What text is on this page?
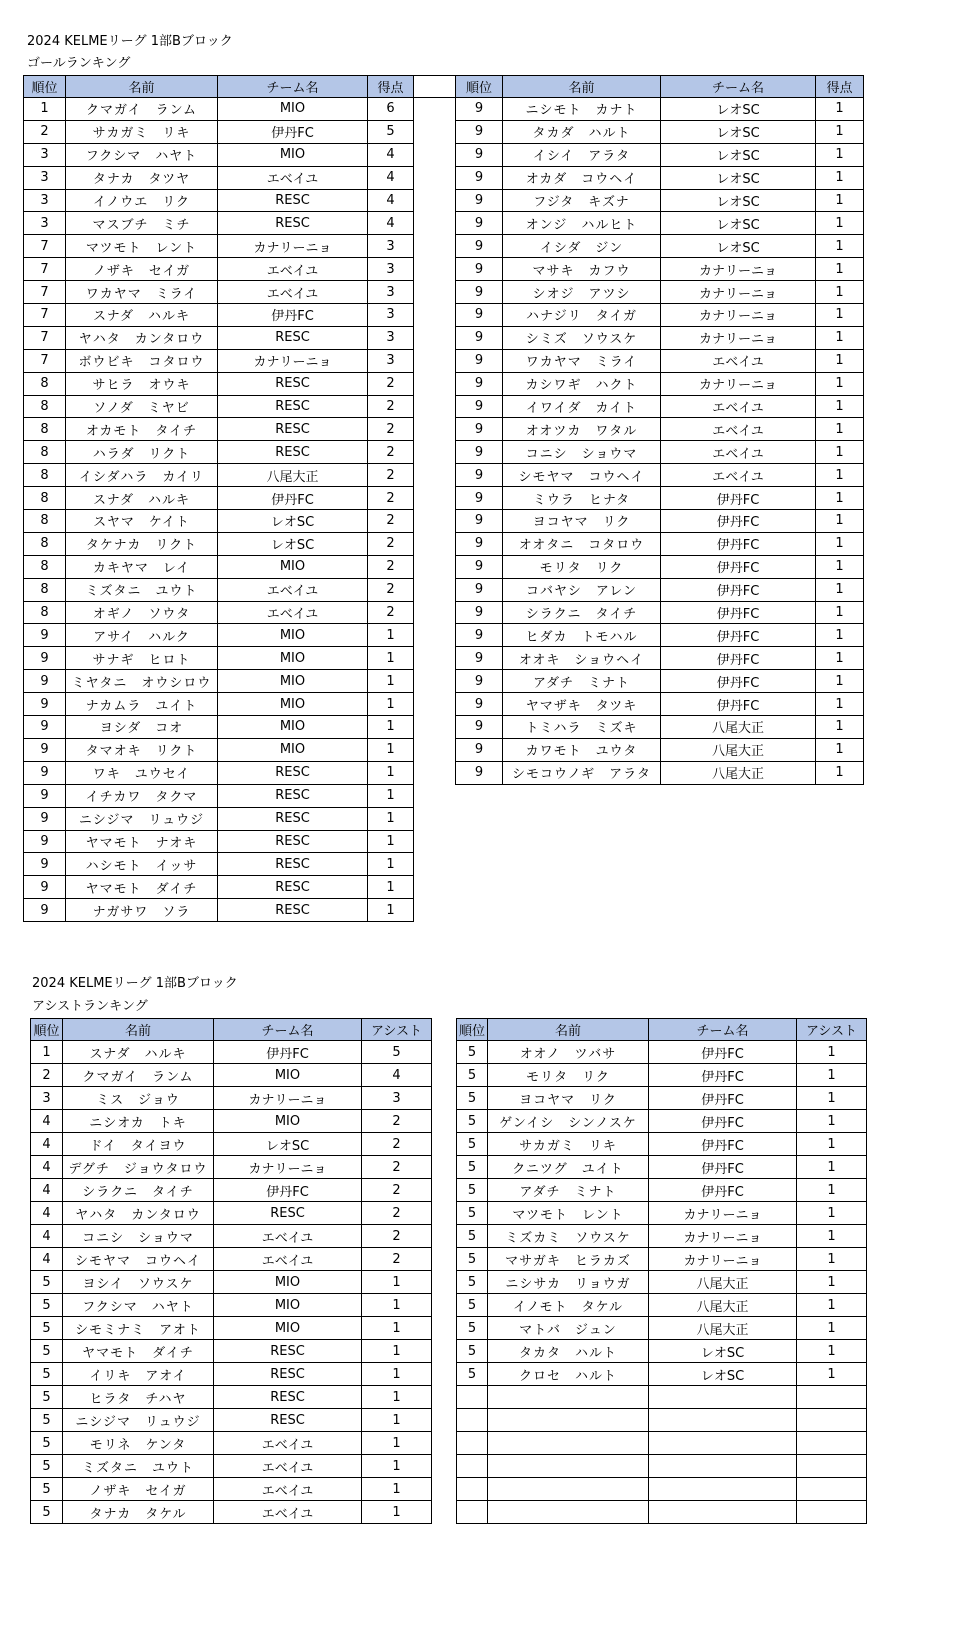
2024 KELMEリーグ 1部Bブロック
ゴールランキング
順位	名前	チーム名	得点
1	クマガイ　ランム	MIO	6
2	サカガミ　リキ	伊丹FC	5
3	フクシマ　ハヤト	MIO	4
3	タナカ　タツヤ	エベイユ	4
3	イノウエ　リク	RESC	4
3	マスブチ　ミチ	RESC	4
7	マツモト　レント	カナリーニョ	3
7	ノザキ　セイガ	エベイユ	3
7	ワカヤマ　ミライ	エベイユ	3
7	スナダ　ハルキ	伊丹FC	3
7	ヤハタ　カンタロウ	RESC	3
7	ボウビキ　コタロウ	カナリーニョ	3
8	サヒラ　オウキ	RESC	2
8	ソノダ　ミヤビ	RESC	2
8	オカモト　タイチ	RESC	2
8	ハラダ　リクト	RESC	2
8	イシダハラ　カイリ	八尾大正	2
8	スナダ　ハルキ	伊丹FC	2
8	スヤマ　ケイト	レオSC	2
8	タケナカ　リクト	レオSC	2
8	カキヤマ　レイ	MIO	2
8	ミズタニ　ユウト	エベイユ	2
8	オギノ　ソウタ	エベイユ	2
9	アサイ　ハルク	MIO	1
9	サナギ　ヒロト	MIO	1
9	ミヤタニ　オウシロウ	MIO	1
9	ナカムラ　ユイト	MIO	1
9	ヨシダ　コオ	MIO	1
9	タマオキ　リクト	MIO	1
9	ワキ　ユウセイ	RESC	1
9	イチカワ　タクマ	RESC	1
9	ニシジマ　リュウジ	RESC	1
9	ヤマモト　ナオキ	RESC	1
9	ハシモト　イッサ	RESC	1
9	ヤマモト　ダイチ	RESC	1
9	ナガサワ　ソラ	RESC	1
順位	名前	チーム名	得点
9	ニシモト　カナト	レオSC	1
9	タカダ　ハルト	レオSC	1
9	イシイ　アラタ	レオSC	1
9	オカダ　コウヘイ	レオSC	1
9	フジタ　キズナ	レオSC	1
9	オンジ　ハルヒト	レオSC	1
9	イシダ　ジン	レオSC	1
9	マサキ　カフウ	カナリーニョ	1
9	シオジ　アツシ	カナリーニョ	1
9	ハナジリ　タイガ	カナリーニョ	1
9	シミズ　ソウスケ	カナリーニョ	1
9	ワカヤマ　ミライ	エベイユ	1
9	カシワギ　ハクト	カナリーニョ	1
9	イワイダ　カイト	エベイユ	1
9	オオツカ　ワタル	エベイユ	1
9	コニシ　ショウマ	エベイユ	1
9	シモヤマ　コウヘイ	エベイユ	1
9	ミウラ　ヒナタ	伊丹FC	1
9	ヨコヤマ　リク	伊丹FC	1
9	オオタニ　コタロウ	伊丹FC	1
9	モリタ　リク	伊丹FC	1
9	コバヤシ　アレン	伊丹FC	1
9	シラクニ　タイチ	伊丹FC	1
9	ヒダカ　トモハル	伊丹FC	1
9	オオキ　ショウヘイ	伊丹FC	1
9	アダチ　ミナト	伊丹FC	1
9	ヤマザキ　タツキ	伊丹FC	1
9	トミハラ　ミズキ	八尾大正	1
9	カワモト　ユウタ	八尾大正	1
9	シモコウノギ　アラタ	八尾大正	1
2024 KELMEリーグ 1部Bブロック
アシストランキング
順位	名前	チーム名	アシスト
1	スナダ　ハルキ	伊丹FC	5
2	クマガイ　ランム	MIO	4
3	ミス　ジョウ	カナリーニョ	3
4	ニシオカ　トキ	MIO	2
4	ドイ　タイヨウ	レオSC	2
4	デグチ　ジョウタロウ	カナリーニョ	2
4	シラクニ　タイチ	伊丹FC	2
4	ヤハタ　カンタロウ	RESC	2
4	コニシ　ショウマ	エベイユ	2
4	シモヤマ　コウヘイ	エベイユ	2
5	ヨシイ　ソウスケ	MIO	1
5	フクシマ　ハヤト	MIO	1
5	シモミナミ　アオト	MIO	1
5	ヤマモト　ダイチ	RESC	1
5	イリキ　アオイ	RESC	1
5	ヒラタ　チハヤ	RESC	1
5	ニシジマ　リュウジ	RESC	1
5	モリネ　ケンタ	エベイユ	1
5	ミズタニ　ユウト	エベイユ	1
5	ノザキ　セイガ	エベイユ	1
5	タナカ　タケル	エベイユ	1
順位	名前	チーム名	アシスト
5	オオノ　ツバサ	伊丹FC	1
5	モリタ　リク	伊丹FC	1
5	ヨコヤマ　リク	伊丹FC	1
5	ゲンイシ　シンノスケ	伊丹FC	1
5	サカガミ　リキ	伊丹FC	1
5	クニツグ　ユイト	伊丹FC	1
5	アダチ　ミナト	伊丹FC	1
5	マツモト　レント	カナリーニョ	1
5	ミズカミ　ソウスケ	カナリーニョ	1
5	マサガキ　ヒラカズ	カナリーニョ	1
5	ニシサカ　リョウガ	八尾大正	1
5	イノモト　タケル	八尾大正	1
5	マトバ　ジュン	八尾大正	1
5	タカタ　ハルト	レオSC	1
5	クロセ　ハルト	レオSC	1
